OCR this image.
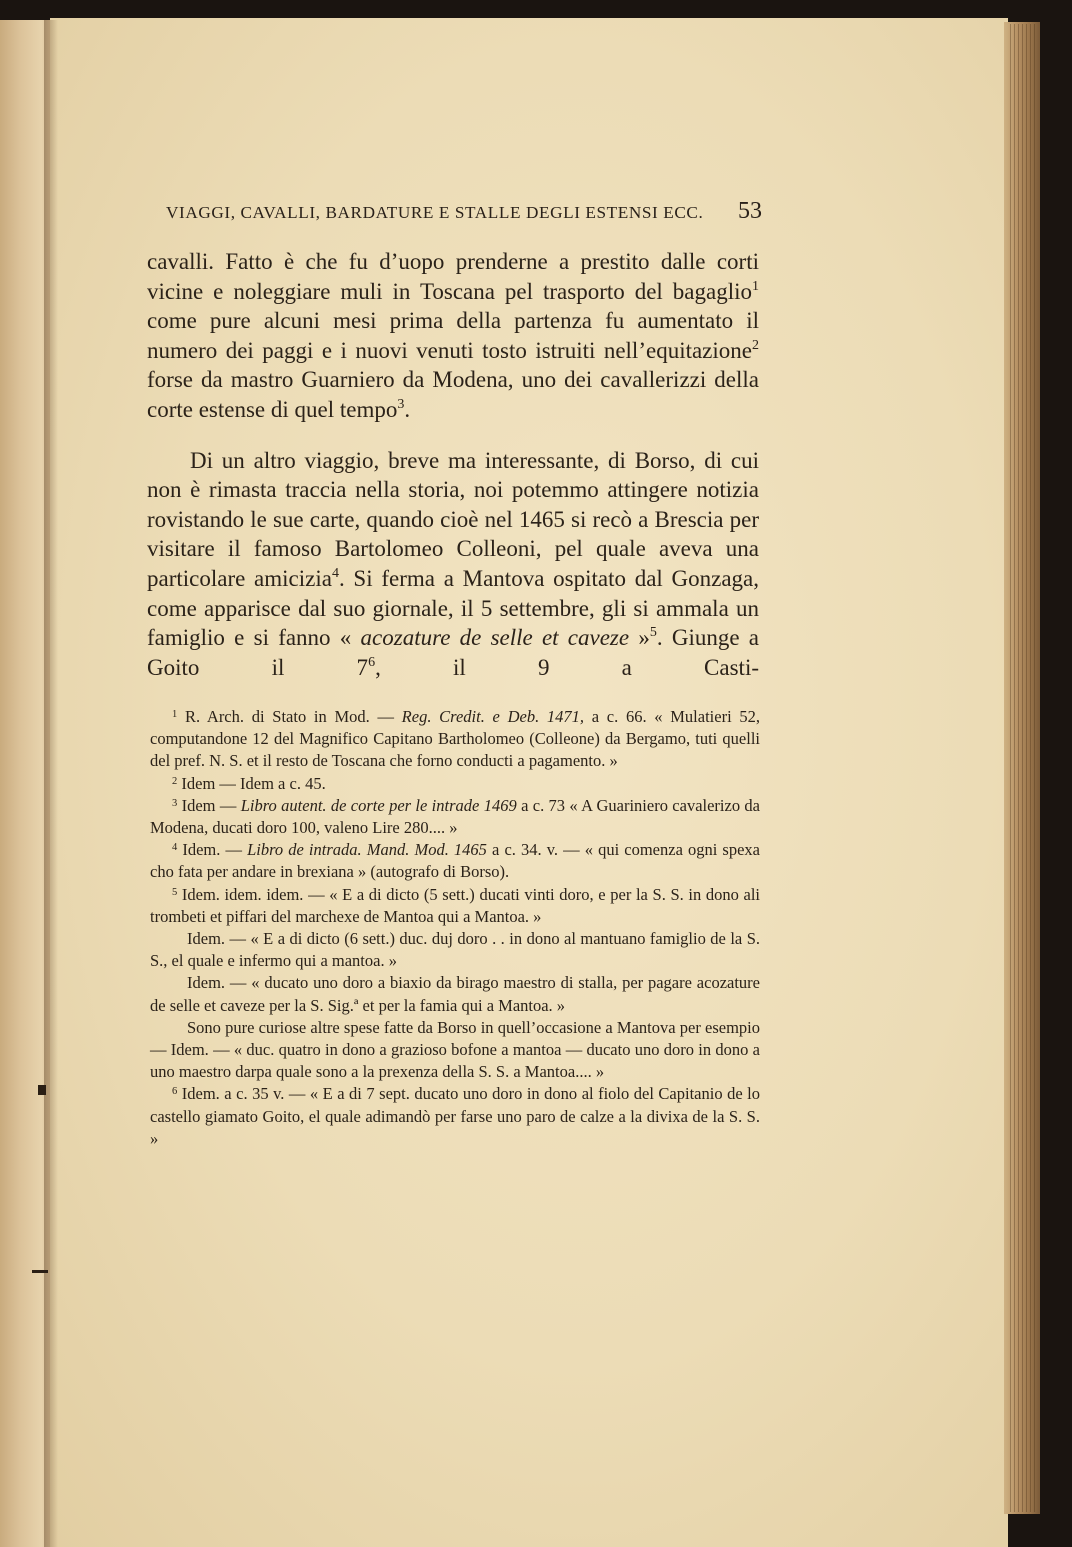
VIAGGI, CAVALLI, BARDATURE E STALLE DEGLI ESTENSI ECC. 53

cavalli. Fatto è che fu d’uopo prenderne a prestito dalle corti vicine e noleggiare muli in Toscana pel trasporto del bagaglio$^1$ come pure alcuni mesi prima della partenza fu aumentato il numero dei paggi e i nuovi venuti tosto istruiti nell’equitazione$^2$ forse da mastro Guarniero da Modena, uno dei cavallerizzi della corte estense di quel tempo$^3$.

Di un altro viaggio, breve ma interessante, di Borso, di cui non è rimasta traccia nella storia, noi potemmo attingere notizia rovistando le sue carte, quando cioè nel 1465 si recò a Brescia per visitare il famoso Bartolomeo Colleoni, pel quale aveva una particolare amicizia$^4$. Si ferma a Mantova ospitato dal Gonzaga, come apparisce dal suo giornale, il 5 settembre, gli si ammala un famiglio e si fanno « acozature de selle et caveze »$^5$. Giunge a Goito il $7^6$, il 9 a Casti-

$^1$ R. Arch. di Stato in Mod. — Reg. Credit. e Deb. 1471, a c. 66. « Mulatieri 52, computandone 12 del Magnifico Capitano Bartholomeo (Colleone) da Bergamo, tuti quelli del pref. N. S. et il resto de Toscana che forno conducti a pagamento. »

$^2$ Idem — Idem a c. 45.

$^3$ Idem — Libro autent. de corte per le intrade 1469 a c. 73 « A Guariniero cavalerizo da Modena, ducati doro 100, valeno Lire 280.... »

$^4$ Idem. — Libro de intrada. Mand. Mod. 1465 a c. 34. v. — « qui comenza ogni spexa cho fata per andare in brexiana » (autografo di Borso).

$^5$ Idem. idem. idem. — « E a di dicto (5 sett.) ducati vinti doro, e per la S. S. in dono ali trombeti et piffari del marchexe de Mantoa qui a Mantoa. »

Idem. — « E a di dicto (6 sett.) duc. duj doro . . in dono al mantuano famiglio de la S. S., el quale e infermo qui a mantoa. »

Idem. — « ducato uno doro a biaxio da birago maestro di stalla, per pagare acozature de selle et caveze per la S. Sig.ª et per la famia qui a Mantoa. »

Sono pure curiose altre spese fatte da Borso in quell’occasione a Mantova per esempio — Idem. — « duc. quatro in dono a grazioso bofone a mantoa — ducato uno doro in dono a uno maestro darpa quale sono a la prexenza della S. S. a Mantoa.... »

$^6$ Idem. a c. 35 v. — « E a di 7 sept. ducato uno doro in dono al fiolo del Capitanio de lo castello giamato Goito, el quale adimandò per farse uno paro de calze a la divixa de la S. S. »
